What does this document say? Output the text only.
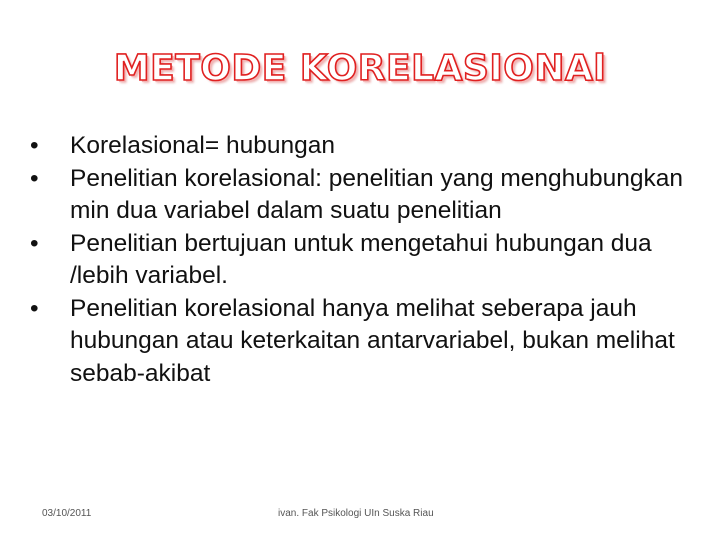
METODE KORELASIONAl
•	Korelasional= hubungan
•	Penelitian korelasional: penelitian yang menghubungkan min dua variabel dalam suatu penelitian
•	Penelitian bertujuan untuk mengetahui hubungan dua /lebih variabel.
•	Penelitian korelasional hanya melihat seberapa jauh hubungan atau keterkaitan antarvariabel, bukan melihat sebab-akibat
03/10/2011	ivan. Fak Psikologi UIn Suska Riau
